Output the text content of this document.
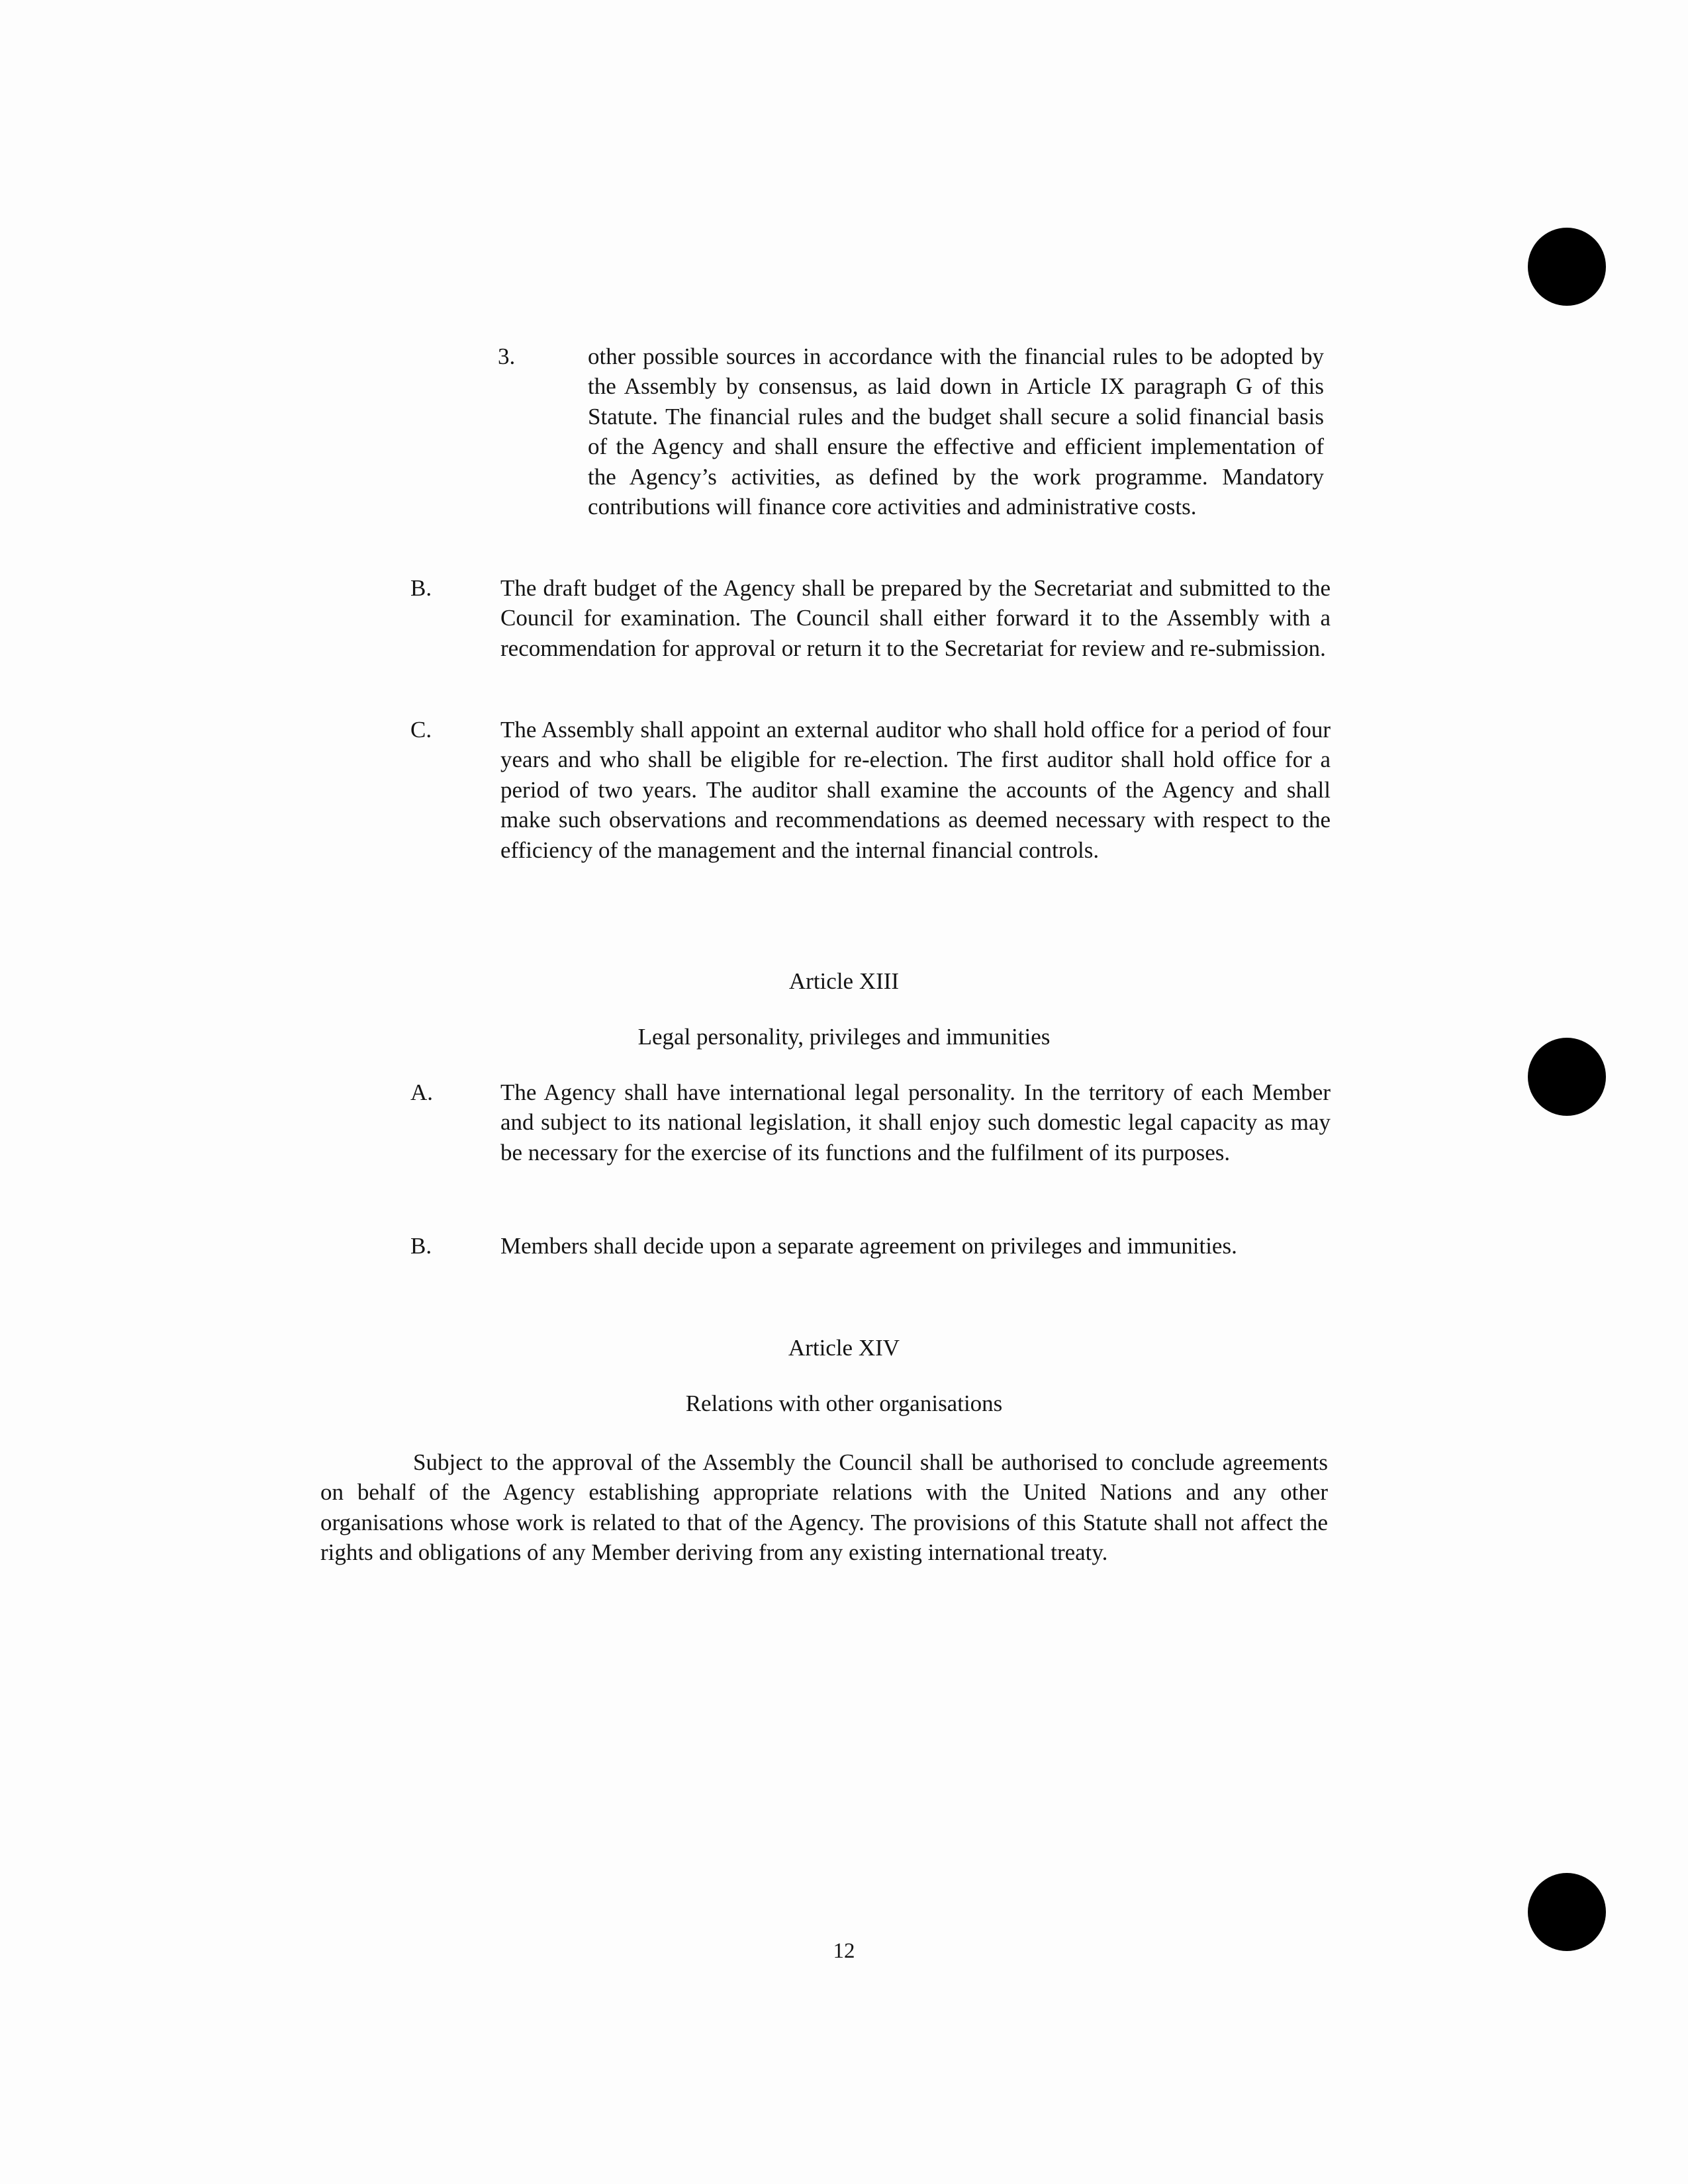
3.	other possible sources in accordance with the financial rules to be adopted by the Assembly by consensus, as laid down in Article IX paragraph G of this Statute. The financial rules and the budget shall secure a solid financial basis of the Agency and shall ensure the effective and efficient implementation of the Agency’s activities, as defined by the work programme. Mandatory contributions will finance core activities and administrative costs.

B.	The draft budget of the Agency shall be prepared by the Secretariat and submitted to the Council for examination. The Council shall either forward it to the Assembly with a recommendation for approval or return it to the Secretariat for review and re-submission.

C.	The Assembly shall appoint an external auditor who shall hold office for a period of four years and who shall be eligible for re-election. The first auditor shall hold office for a period of two years. The auditor shall examine the accounts of the Agency and shall make such observations and recommendations as deemed necessary with respect to the efficiency of the management and the internal financial controls.

Article XIII

Legal personality, privileges and immunities

A.	The Agency shall have international legal personality. In the territory of each Member and subject to its national legislation, it shall enjoy such domestic legal capacity as may be necessary for the exercise of its functions and the fulfilment of its purposes.

B.	Members shall decide upon a separate agreement on privileges and immunities.

Article XIV

Relations with other organisations

Subject to the approval of the Assembly the Council shall be authorised to conclude agreements on behalf of the Agency establishing appropriate relations with the United Nations and any other organisations whose work is related to that of the Agency. The provisions of this Statute shall not affect the rights and obligations of any Member deriving from any existing international treaty.

12
